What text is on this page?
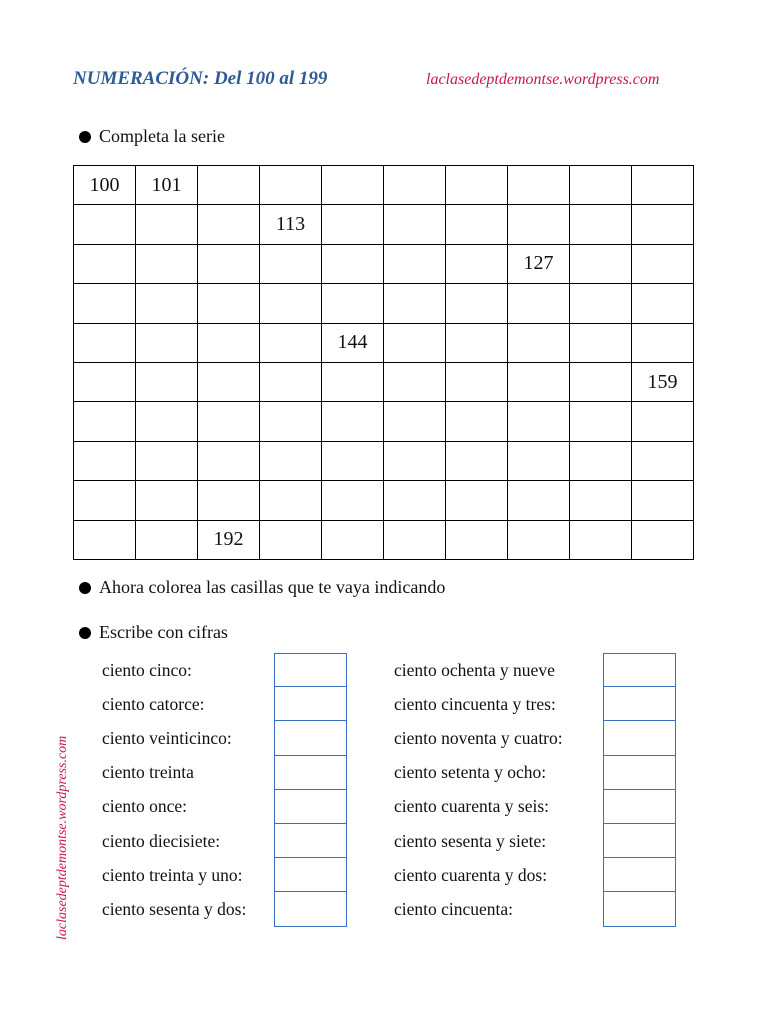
NUMERACIÓN: Del 100 al 199	laclasedeptdemontse.wordpress.com
laclasedeptdemontse.wordpress.com
Completa la serie
100	101								
			113						
							127		

				144					
									159

		192							
Ahora colorea las casillas que te vaya indicando
Escribe con cifras
ciento cinco:
ciento catorce:
ciento veinticinco:
ciento treinta
ciento once:
ciento diecisiete:
ciento treinta y uno:
ciento sesenta y dos:
ciento ochenta y nueve
ciento cincuenta y tres:
ciento noventa y cuatro:
ciento setenta y ocho:
ciento cuarenta y seis:
ciento sesenta y siete:
ciento cuarenta y dos:
ciento cincuenta:
